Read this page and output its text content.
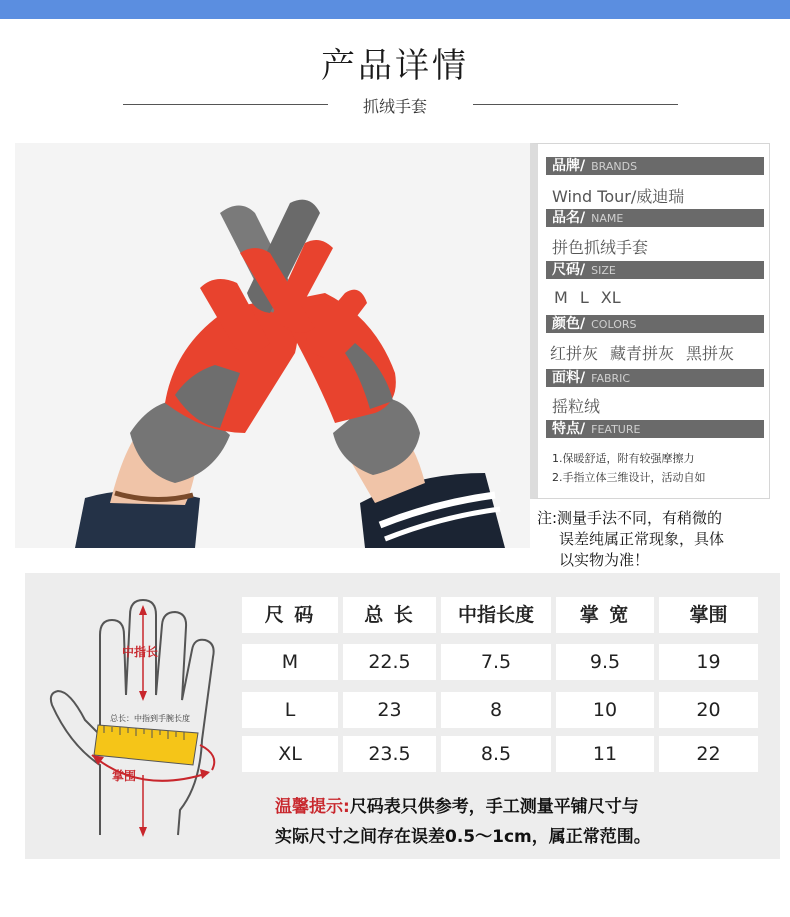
产品详情
抓绒手套
品牌/ BRANDS
Wind Tour/威迪瑞
品名/ NAME
拼色抓绒手套
尺码/ SIZE
M L XL
颜色/ COLORS
红拼灰 藏青拼灰 黑拼灰
面料/ FABRIC
摇粒绒
特点/ FEATURE
1.保暖舒适，附有较强摩擦力
2.手指立体三维设计，活动自如
注:测量手法不同，有稍微的
误差纯属正常现象，具体
以实物为准！
中指长
总长：中指到手腕长度
掌围
尺 码	总 长	中指长度	掌 宽	掌围
M	22.5	7.5	9.5	19
L	23	8	10	20
XL	23.5	8.5	11	22
温馨提示:尺码表只供参考，手工测量平铺尺寸与
实际尺寸之间存在误差0.5～1cm，属正常范围。
